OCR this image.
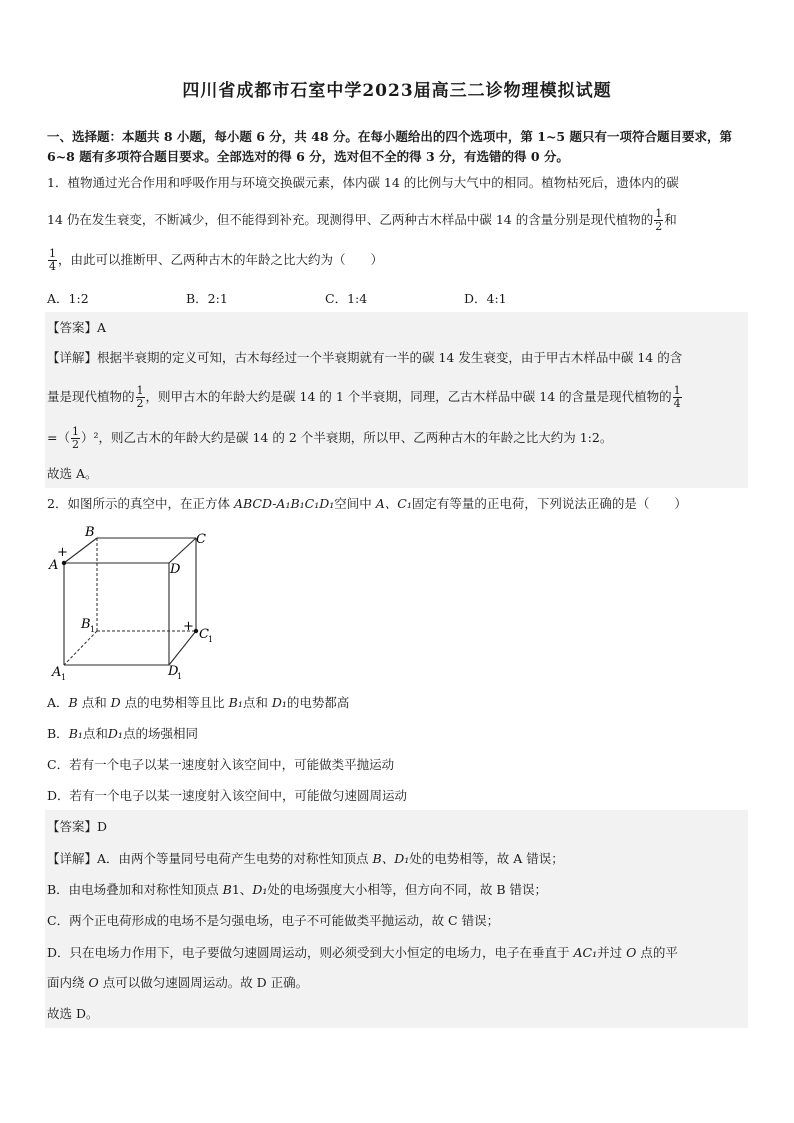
四川省成都市石室中学2023届高三二诊物理模拟试题
一、选择题：本题共 8 小题，每小题 6 分，共 48 分。在每小题给出的四个选项中，第 1~5 题只有一项符合题目要求，第 6~8 题有多项符合题目要求。全部选对的得 6 分，选对但不全的得 3 分，有选错的得 0 分。
1．植物通过光合作用和呼吸作用与环境交换碳元素，体内碳 14 的比例与大气中的相同。植物枯死后，遗体内的碳
14 仍在发生衰变，不断减少，但不能得到补充。现测得甲、乙两种古木样品中碳 14 的含量分别是现代植物的 $\frac{1}{2}$ 和
$\frac{1}{4}$ ，由此可以推断甲、乙两种古木的年龄之比大约为（　　）
A．1:2	B．2:1	C．1:4	D．4:1
【答案】A
【详解】根据半衰期的定义可知，古木每经过一个半衰期就有一半的碳 14 发生衰变，由于甲古木样品中碳 14 的含
量是现代植物的 $\frac{1}{2}$ ，则甲古木的年龄大约是碳 14 的 1 个半衰期，同理，乙古木样品中碳 14 的含量是现代植物的 $\frac{1}{4}$
=（ $\frac{1}{2} )^2$，则乙古木的年龄大约是碳 14 的 2 个半衰期，所以甲、乙两种古木的年龄之比大约为 1:2。
故选 A。
2．如图所示的真空中，在正方体 ABCD-A₁B₁C₁D₁空间中 A、C₁固定有等量的正电荷，下列说法正确的是（　　）
+
+
B	C
D
A
B 1	C 1
D
1
A 1
A．B 点和 D 点的电势相等且比 B₁点和 D₁的电势都高
B．B₁点和D₁点的场强相同
C．若有一个电子以某一速度射入该空间中，可能做类平抛运动
D．若有一个电子以某一速度射入该空间中，可能做匀速圆周运动
【答案】D
【详解】A．由两个等量同号电荷产生电势的对称性知顶点 B、D₁处的电势相等，故 A 错误；
B．由电场叠加和对称性知顶点 B1、D₁处的电场强度大小相等，但方向不同，故 B 错误；
C．两个正电荷形成的电场不是匀强电场，电子不可能做类平抛运动，故 C 错误；
D．只在电场力作用下，电子要做匀速圆周运动，则必须受到大小恒定的电场力，电子在垂直于 AC₁并过 O 点的平
面内绕 O 点可以做匀速圆周运动。故 D 正确。
故选 D。
